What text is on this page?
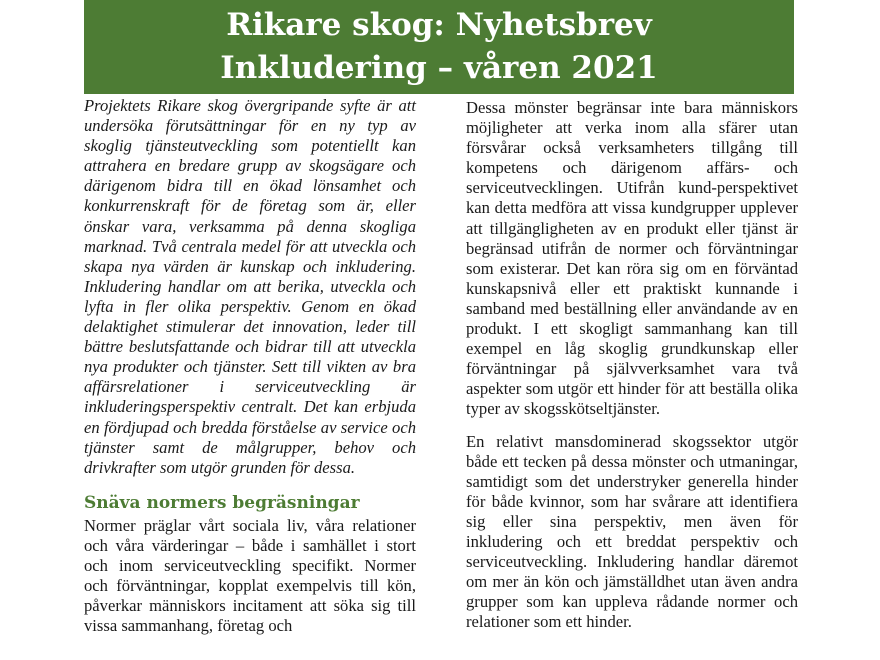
Rikare skog: Nyhetsbrev
Inkludering – våren 2021

Projektets Rikare skog övergripande syfte är att undersöka förutsättningar för en ny typ av skoglig tjänsteutveckling som potentiellt kan attrahera en bredare grupp av skogsägare och därigenom bidra till en ökad lönsamhet och konkurrenskraft för de företag som är, eller önskar vara, verksamma på denna skogliga marknad. Två centrala medel för att utveckla och skapa nya värden är kunskap och inkludering. Inkludering handlar om att berika, utveckla och lyfta in fler olika perspektiv. Genom en ökad delaktighet stimulerar det innovation, leder till bättre beslutsfattande och bidrar till att utveckla nya produkter och tjänster. Sett till vikten av bra affärsrelationer i serviceutveckling är inkluderingsperspektiv centralt. Det kan erbjuda en fördjupad och bredda förståelse av service och tjänster samt de målgrupper, behov och drivkrafter som utgör grunden för dessa.

Snäva normers begräsningar

Normer präglar vårt sociala liv, våra relationer och våra värderingar – både i samhället i stort och inom serviceutveckling specifikt. Normer och förväntningar, kopplat exempelvis till kön, påverkar människors incitament att söka sig till vissa sammanhang, företag och

Dessa mönster begränsar inte bara människors möjligheter att verka inom alla sfärer utan försvårar också verksamheters tillgång till kompetens och därigenom affärs- och serviceutvecklingen. Utifrån kund-perspektivet kan detta medföra att vissa kundgrupper upplever att tillgängligheten av en produkt eller tjänst är begränsad utifrån de normer och förväntningar som existerar. Det kan röra sig om en förväntad kunskapsnivå eller ett praktiskt kunnande i samband med beställning eller användande av en produkt. I ett skogligt sammanhang kan till exempel en låg skoglig grundkunskap eller förväntningar på självverksamhet vara två aspekter som utgör ett hinder för att beställa olika typer av skogsskötseltjänster.

En relativt mansdominerad skogssektor utgör både ett tecken på dessa mönster och utmaningar, samtidigt som det understryker generella hinder för både kvinnor, som har svårare att identifiera sig eller sina perspektiv, men även för inkludering och ett breddat perspektiv och serviceutveckling. Inkludering handlar däremot om mer än kön och jämställdhet utan även andra grupper som kan uppleva rådande normer och relationer som ett hinder.
